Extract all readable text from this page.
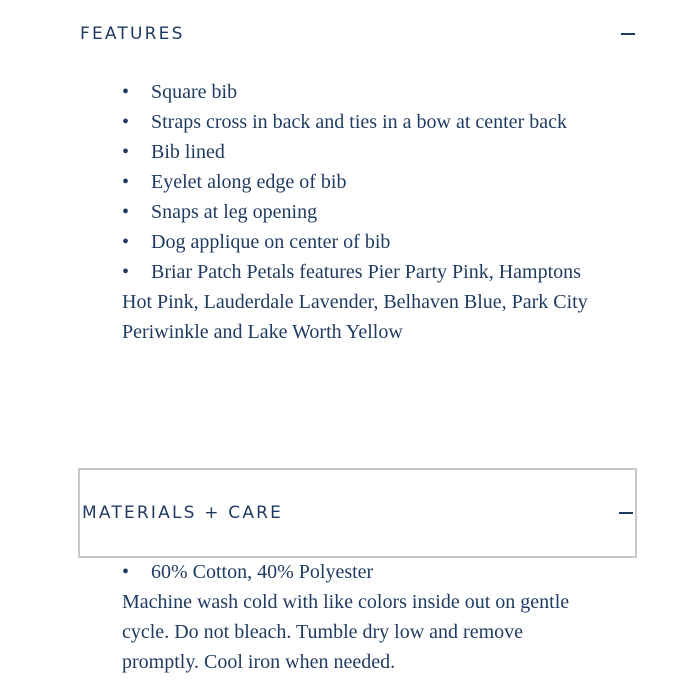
FEATURES
• Square bib
• Straps cross in back and ties in a bow at center back
• Bib lined
• Eyelet along edge of bib
• Snaps at leg opening
• Dog applique on center of bib
• Briar Patch Petals features Pier Party Pink, Hamptons
Hot Pink, Lauderdale Lavender, Belhaven Blue, Park City
Periwinkle and Lake Worth Yellow
MATERIALS + CARE
• 60% Cotton, 40% Polyester
Machine wash cold with like colors inside out on gentle
cycle. Do not bleach. Tumble dry low and remove
promptly. Cool iron when needed.
